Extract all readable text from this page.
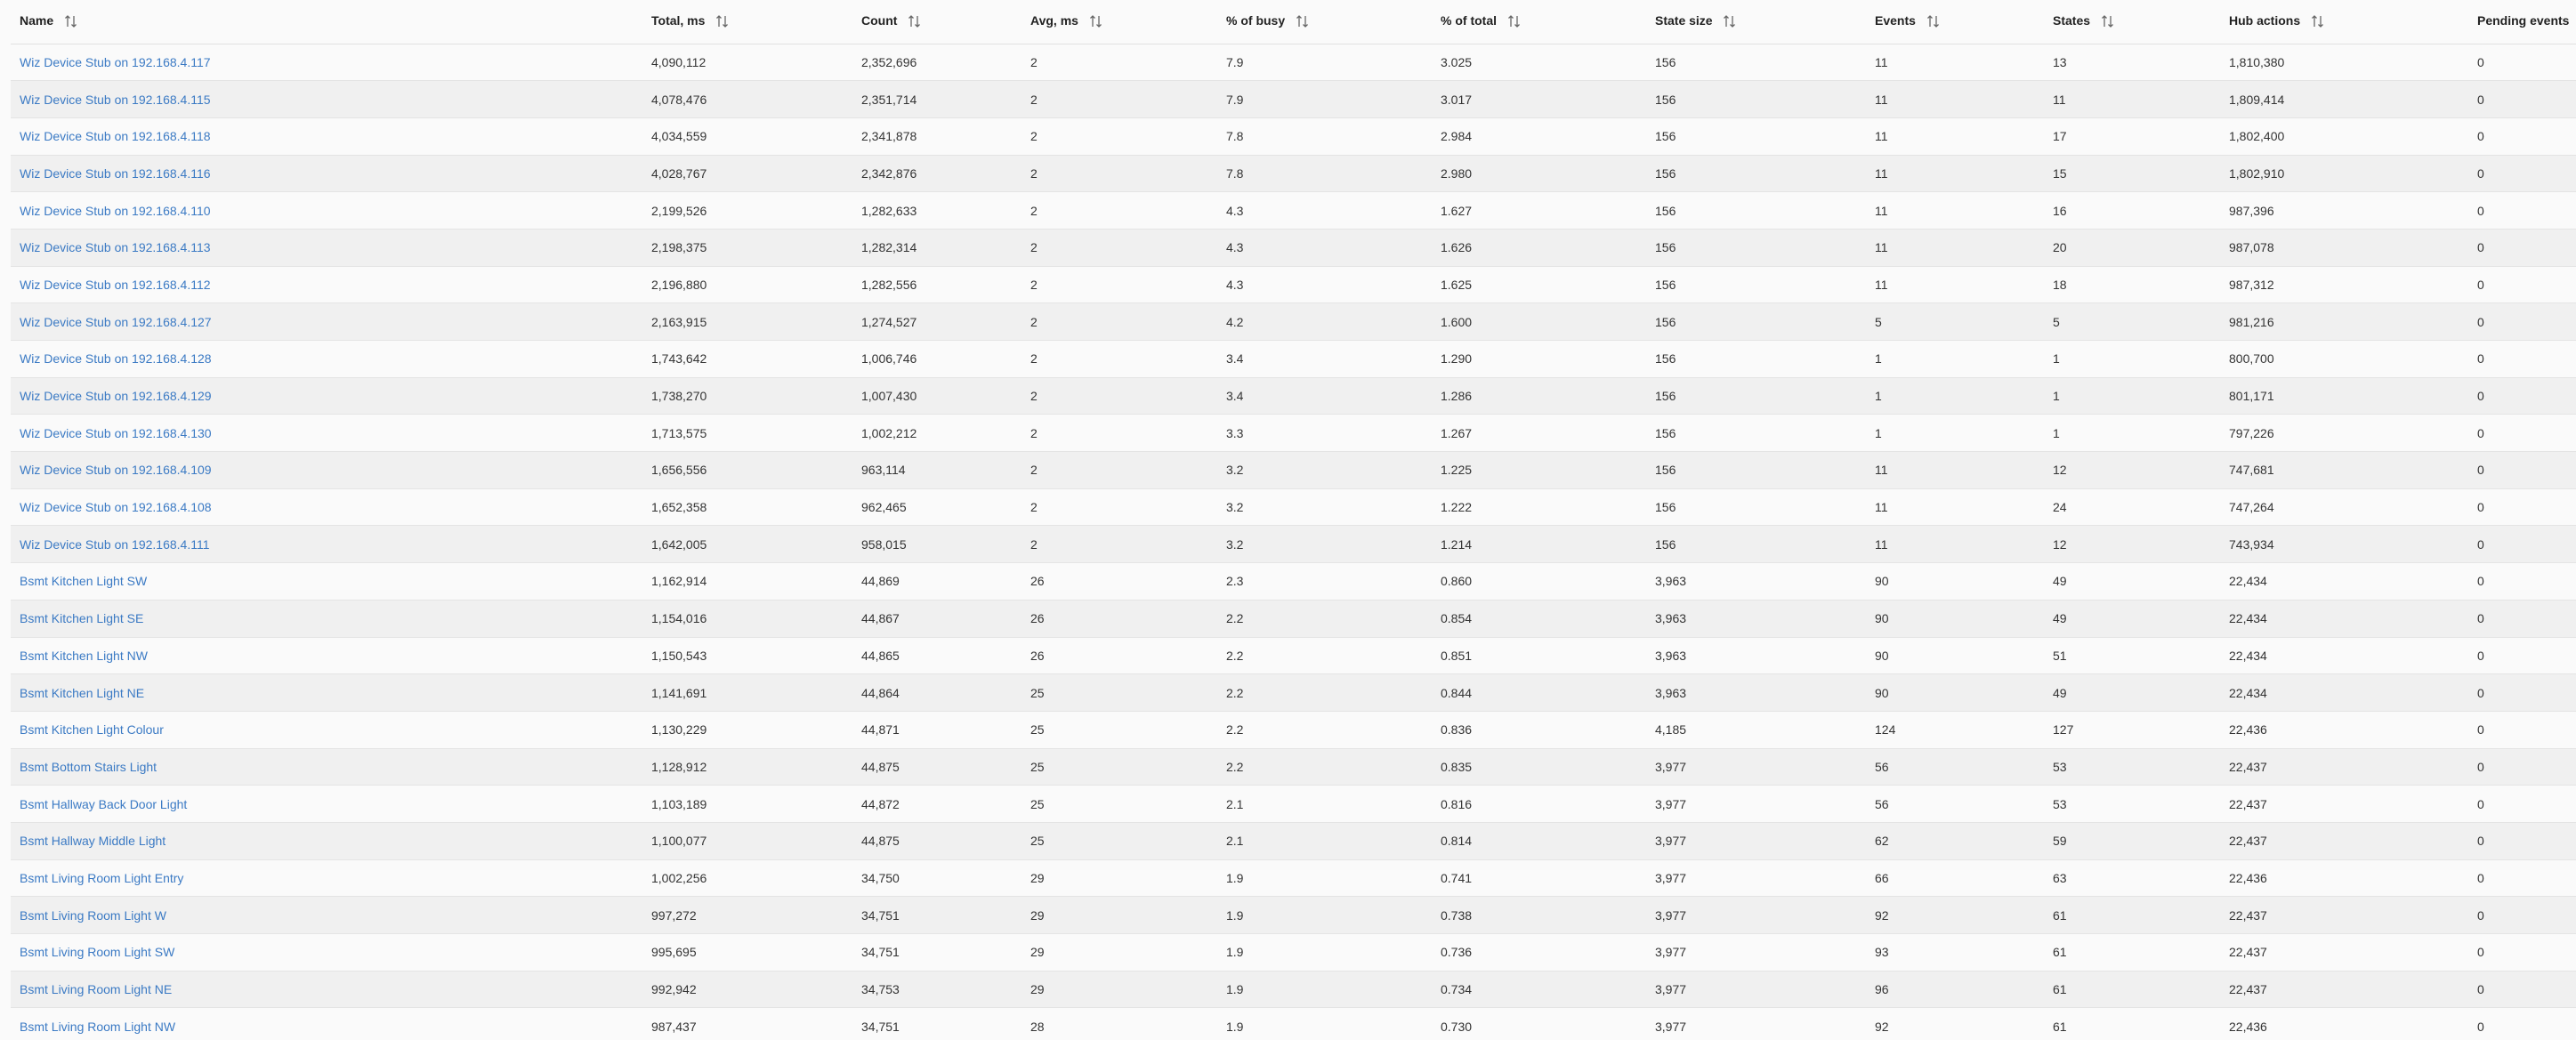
Name	Total, ms	Count	Avg, ms	% of busy	% of total	State size	Events	States	Hub actions	Pending events
Wiz Device Stub on 192.168.4.117	4,090,112	2,352,696	2	7.9	3.025	156	11	13	1,810,380	0
Wiz Device Stub on 192.168.4.115	4,078,476	2,351,714	2	7.9	3.017	156	11	11	1,809,414	0
Wiz Device Stub on 192.168.4.118	4,034,559	2,341,878	2	7.8	2.984	156	11	17	1,802,400	0
Wiz Device Stub on 192.168.4.116	4,028,767	2,342,876	2	7.8	2.980	156	11	15	1,802,910	0
Wiz Device Stub on 192.168.4.110	2,199,526	1,282,633	2	4.3	1.627	156	11	16	987,396	0
Wiz Device Stub on 192.168.4.113	2,198,375	1,282,314	2	4.3	1.626	156	11	20	987,078	0
Wiz Device Stub on 192.168.4.112	2,196,880	1,282,556	2	4.3	1.625	156	11	18	987,312	0
Wiz Device Stub on 192.168.4.127	2,163,915	1,274,527	2	4.2	1.600	156	5	5	981,216	0
Wiz Device Stub on 192.168.4.128	1,743,642	1,006,746	2	3.4	1.290	156	1	1	800,700	0
Wiz Device Stub on 192.168.4.129	1,738,270	1,007,430	2	3.4	1.286	156	1	1	801,171	0
Wiz Device Stub on 192.168.4.130	1,713,575	1,002,212	2	3.3	1.267	156	1	1	797,226	0
Wiz Device Stub on 192.168.4.109	1,656,556	963,114	2	3.2	1.225	156	11	12	747,681	0
Wiz Device Stub on 192.168.4.108	1,652,358	962,465	2	3.2	1.222	156	11	24	747,264	0
Wiz Device Stub on 192.168.4.111	1,642,005	958,015	2	3.2	1.214	156	11	12	743,934	0
Bsmt Kitchen Light SW	1,162,914	44,869	26	2.3	0.860	3,963	90	49	22,434	0
Bsmt Kitchen Light SE	1,154,016	44,867	26	2.2	0.854	3,963	90	49	22,434	0
Bsmt Kitchen Light NW	1,150,543	44,865	26	2.2	0.851	3,963	90	51	22,434	0
Bsmt Kitchen Light NE	1,141,691	44,864	25	2.2	0.844	3,963	90	49	22,434	0
Bsmt Kitchen Light Colour	1,130,229	44,871	25	2.2	0.836	4,185	124	127	22,436	0
Bsmt Bottom Stairs Light	1,128,912	44,875	25	2.2	0.835	3,977	56	53	22,437	0
Bsmt Hallway Back Door Light	1,103,189	44,872	25	2.1	0.816	3,977	56	53	22,437	0
Bsmt Hallway Middle Light	1,100,077	44,875	25	2.1	0.814	3,977	62	59	22,437	0
Bsmt Living Room Light Entry	1,002,256	34,750	29	1.9	0.741	3,977	66	63	22,436	0
Bsmt Living Room Light W	997,272	34,751	29	1.9	0.738	3,977	92	61	22,437	0
Bsmt Living Room Light SW	995,695	34,751	29	1.9	0.736	3,977	93	61	22,437	0
Bsmt Living Room Light NE	992,942	34,753	29	1.9	0.734	3,977	96	61	22,437	0
Bsmt Living Room Light NW	987,437	34,751	28	1.9	0.730	3,977	92	61	22,436	0
